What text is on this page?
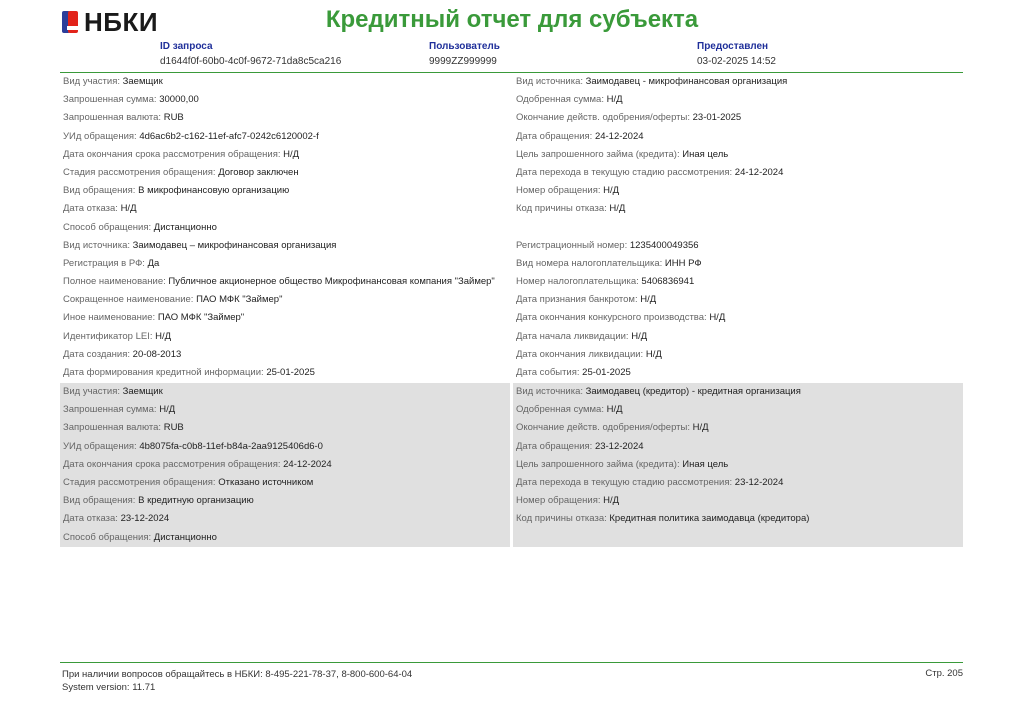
НБКИ	Кредитный отчет для субъекта
ID запроса
d1644f0f-60b0-4c0f-9672-71da8c5ca216
Пользователь
9999ZZ999999
Предоставлен
03-02-2025 14:52
Вид участия: Заемщик
Запрошенная сумма: 30000,00
Запрошенная валюта: RUB
УИд обращения: 4d6ac6b2-c162-11ef-afc7-0242c6120002-f
Дата окончания срока рассмотрения обращения: Н/Д
Стадия рассмотрения обращения: Договор заключен
Вид обращения: В микрофинансовую организацию
Дата отказа: Н/Д
Способ обращения: Дистанционно
Вид источника: Заимодавец – микрофинансовая организация
Регистрация в РФ: Да
Полное наименование: Публичное акционерное общество Микрофинансовая компания "Займер"
Сокращенное наименование: ПАО МФК "Займер"
Иное наименование: ПАО МФК "Займер"
Идентификатор LEI: Н/Д
Дата создания: 20-08-2013
Дата формирования кредитной информации: 25-01-2025
Вид источника: Заимодавец - микрофинансовая организация
Одобренная сумма: Н/Д
Окончание действ. одобрения/оферты: 23-01-2025
Дата обращения: 24-12-2024
Цель запрошенного займа (кредита): Иная цель
Дата перехода в текущую стадию рассмотрения: 24-12-2024
Номер обращения: Н/Д
Код причины отказа: Н/Д
Регистрационный номер: 1235400049356
Вид номера налогоплательщика: ИНН РФ
Номер налогоплательщика: 5406836941
Дата признания банкротом: Н/Д
Дата окончания конкурсного производства: Н/Д
Дата начала ликвидации: Н/Д
Дата окончания ликвидации: Н/Д
Дата события: 25-01-2025
Вид участия: Заемщик
Запрошенная сумма: Н/Д
Запрошенная валюта: RUB
УИд обращения: 4b8075fa-c0b8-11ef-b84a-2aa9125406d6-0
Дата окончания срока рассмотрения обращения: 24-12-2024
Стадия рассмотрения обращения: Отказано источником
Вид обращения: В кредитную организацию
Дата отказа: 23-12-2024
Способ обращения: Дистанционно
Вид источника: Заимодавец (кредитор) - кредитная организация
Одобренная сумма: Н/Д
Окончание действ. одобрения/оферты: Н/Д
Дата обращения: 23-12-2024
Цель запрошенного займа (кредита): Иная цель
Дата перехода в текущую стадию рассмотрения: 23-12-2024
Номер обращения: Н/Д
Код причины отказа: Кредитная политика заимодавца (кредитора)
При наличии вопросов обращайтесь в НБКИ: 8-495-221-78-37, 8-800-600-64-04
System version: 11.71
Стр. 205
